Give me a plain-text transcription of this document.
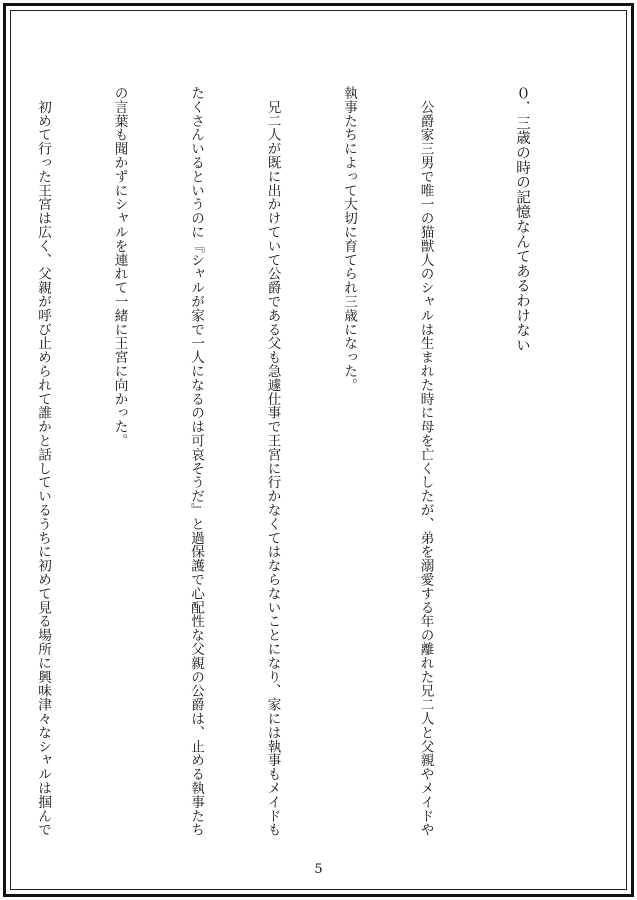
０．三歳の時の記憶なんてあるわけない

　公爵家三男で唯一の猫獣人のシャルは生まれた時に母を亡くしたが、弟を溺愛する年の離れた兄二人と父親やメイドや

執事たちによって大切に育てられ三歳になった。

　兄二人が既に出かけていて公爵である父も急遽仕事で王宮に行かなくてはならないことになり、家には執事もメイドも

たくさんいるというのに『シャルが家で一人になるのは可哀そうだ』と過保護で心配性な父親の公爵は、止める執事たち

の言葉も聞かずにシャルを連れて一緒に王宮に向かった。

　初めて行った王宮は広く、父親が呼び止められて誰かと話しているうちに初めて見る場所に興味津々なシャルは掴んで

5
